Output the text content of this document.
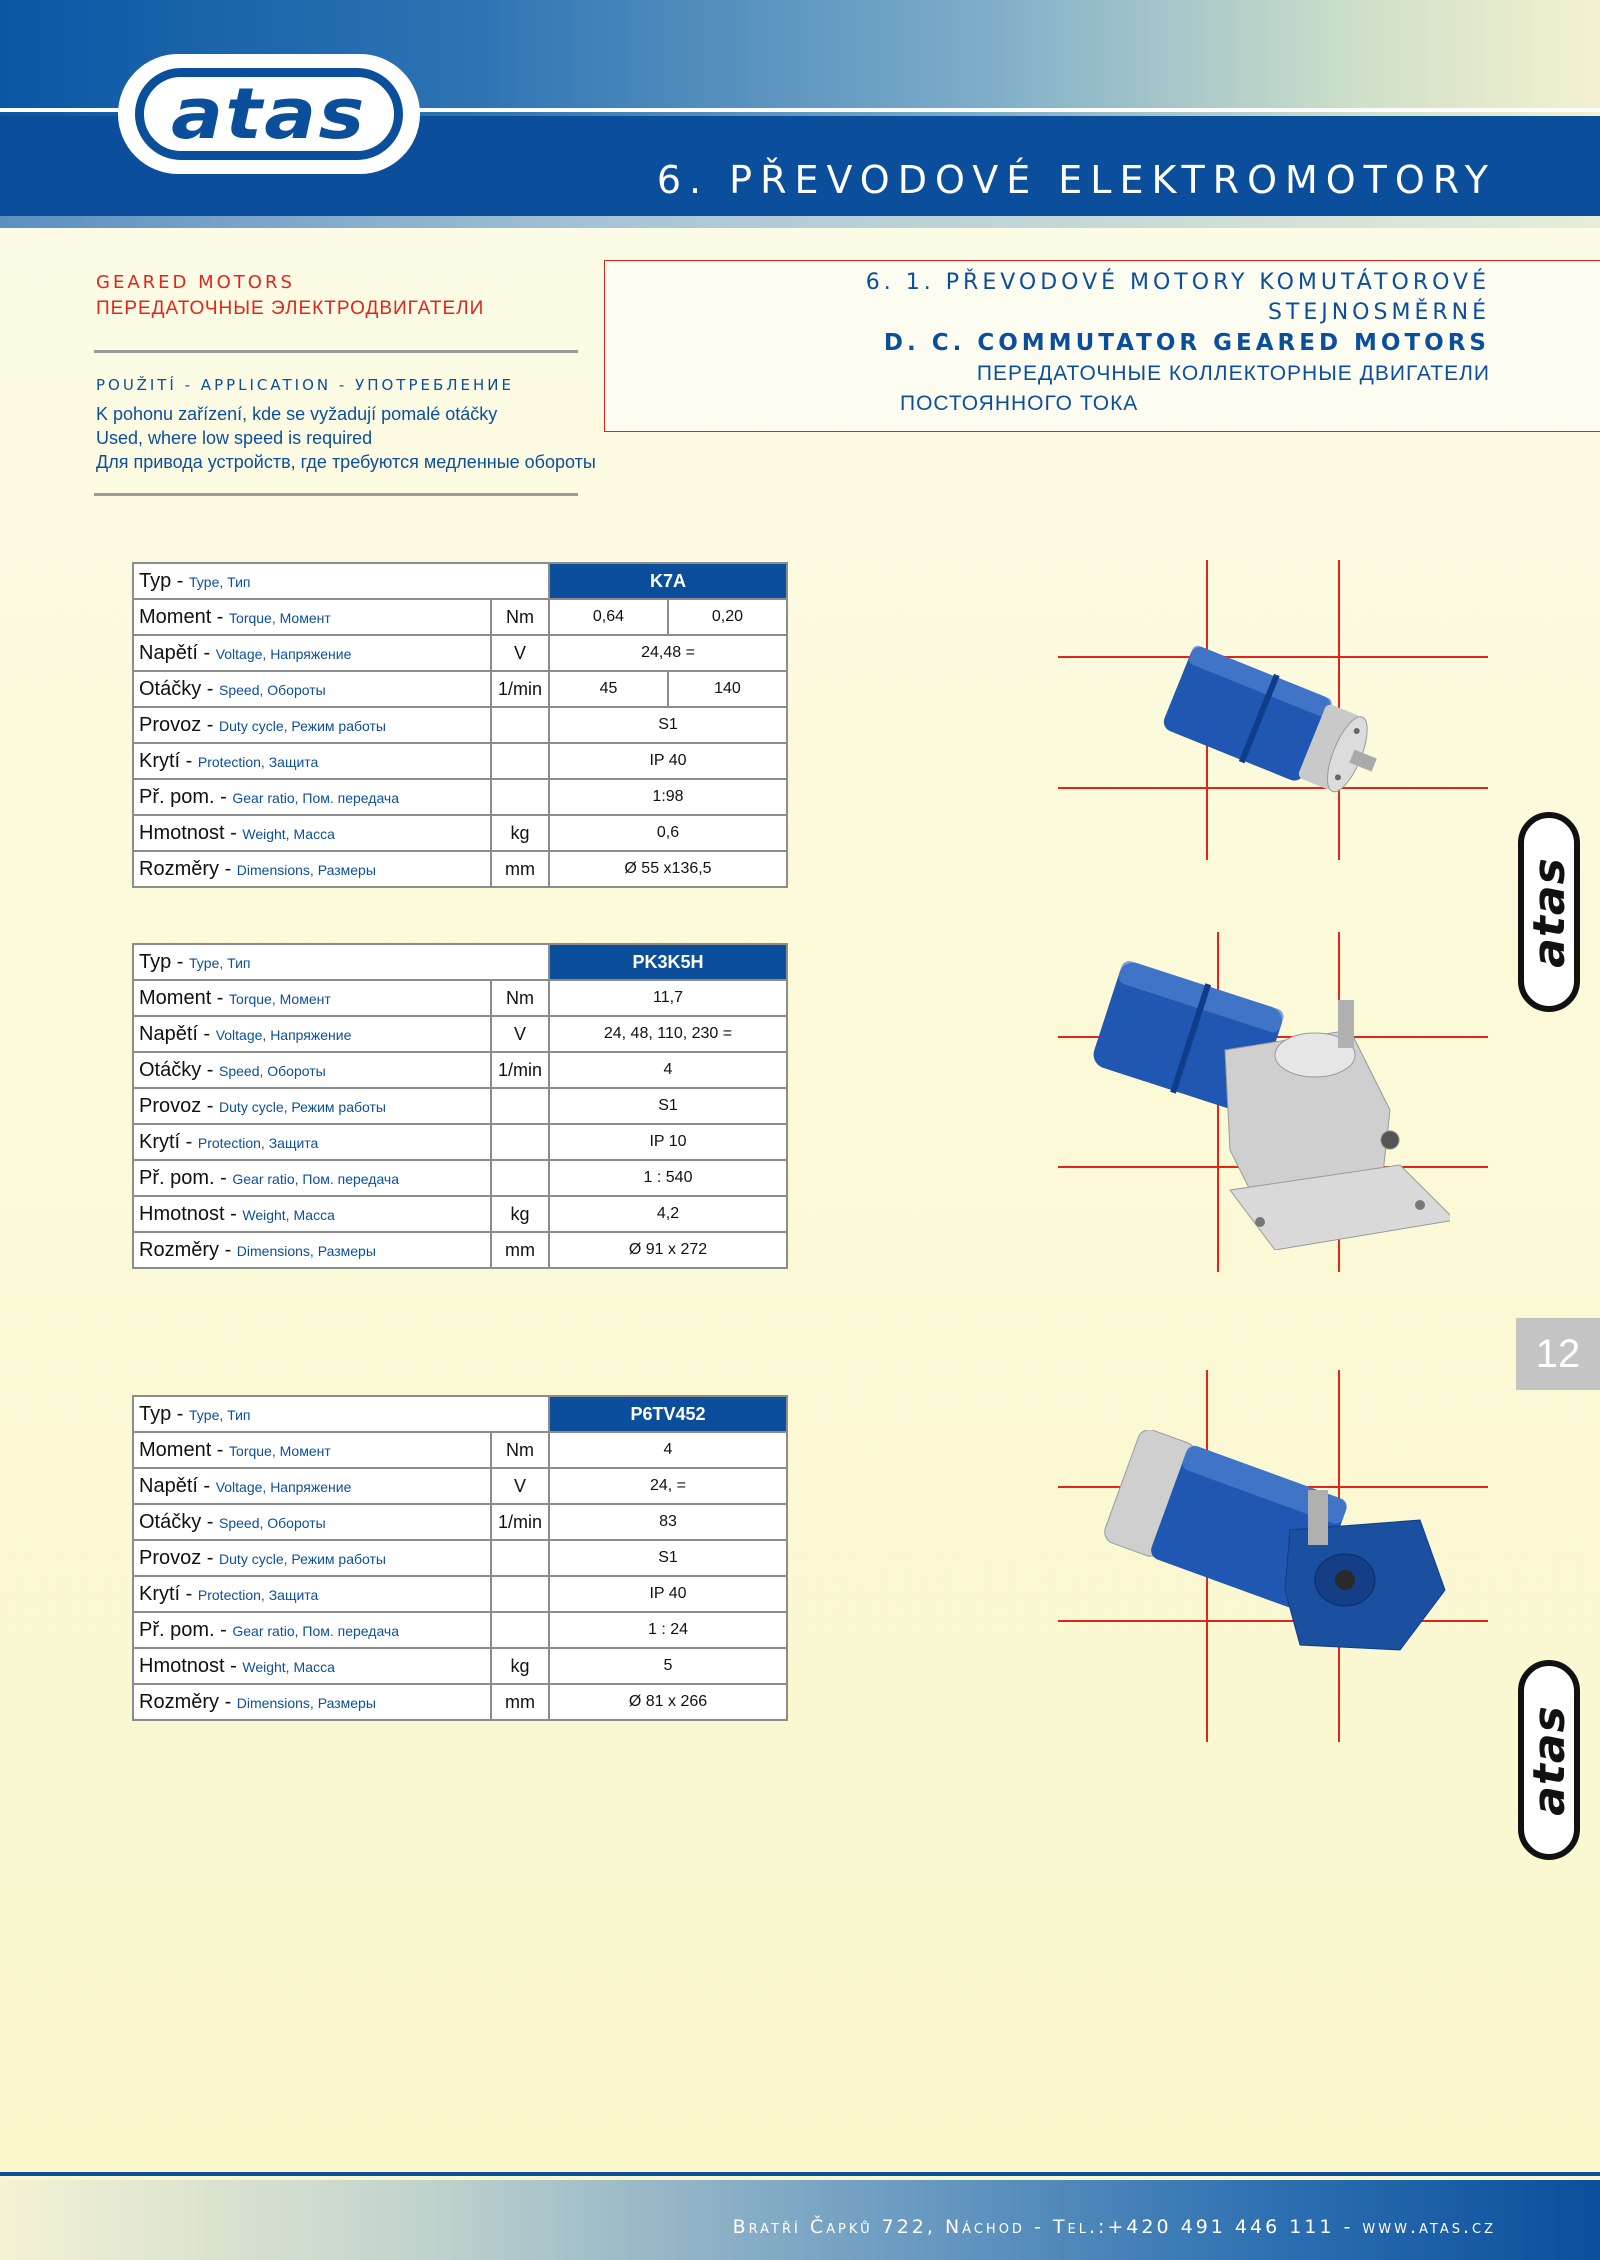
atas
6. PŘEVODOVÉ ELEKTROMOTORY
GEARED MOTORS
ПЕРЕДАТОЧНЫЕ ЭЛЕКТРОДВИГАТЕЛИ
POUŽITÍ - APPLICATION - УПОТРЕБЛЕНИЕ
K pohonu zařízení, kde se vyžadují pomalé otáčky
Used, where low speed is required
Для привода устройств, где требуются медленные обороты
6. 1. PŘEVODOVÉ MOTORY KOMUTÁTOROVÉ
STEJNOSMĚRNÉ
D. C. COMMUTATOR GEARED MOTORS
ПЕРЕДАТОЧНЫЕ КОЛЛЕКТОРНЫЕ ДВИГАТЕЛИ
ПОСТОЯННОГО ТОКА
Typ - Type, Тип		K7A	
Moment - Torque, Момент	Nm	0,64	0,20
Napětí - Voltage, Напряжение	V	24,48 =	
Otáčky - Speed, Обороты	1/min	45	140
Provoz - Duty cycle, Режим работы		S1	
Krytí - Protection, Защита		IP 40	
Př. pom. - Gear ratio, Пом. передача		1:98	
Hmotnost - Weight, Масса	kg	0,6	
Rozměry - Dimensions, Размеры	mm	Ø 55 x136,5	
Typ - Type, Тип		PK3K5H
Moment - Torque, Момент	Nm	11,7
Napětí - Voltage, Напряжение	V	24, 48, 110, 230 =
Otáčky - Speed, Обороты	1/min	4
Provoz - Duty cycle, Режим работы		S1
Krytí - Protection, Защита		IP 10
Př. pom. - Gear ratio, Пом. передача		1 : 540
Hmotnost - Weight, Масса	kg	4,2
Rozměry - Dimensions, Размеры	mm	Ø 91 x 272
Typ - Type, Тип		P6TV452
Moment - Torque, Момент	Nm	4
Napětí - Voltage, Напряжение	V	24, =
Otáčky - Speed, Обороты	1/min	83
Provoz - Duty cycle, Режим работы		S1
Krytí - Protection, Защита		IP 40
Př. pom. - Gear ratio, Пом. передача		1 : 24
Hmotnost - Weight, Масса	kg	5
Rozměry - Dimensions, Размеры	mm	Ø 81 x 266
atas
12
atas
Bratří Čapků 722, Náchod - Tel.:+420 491 446 111 - www.atas.cz
